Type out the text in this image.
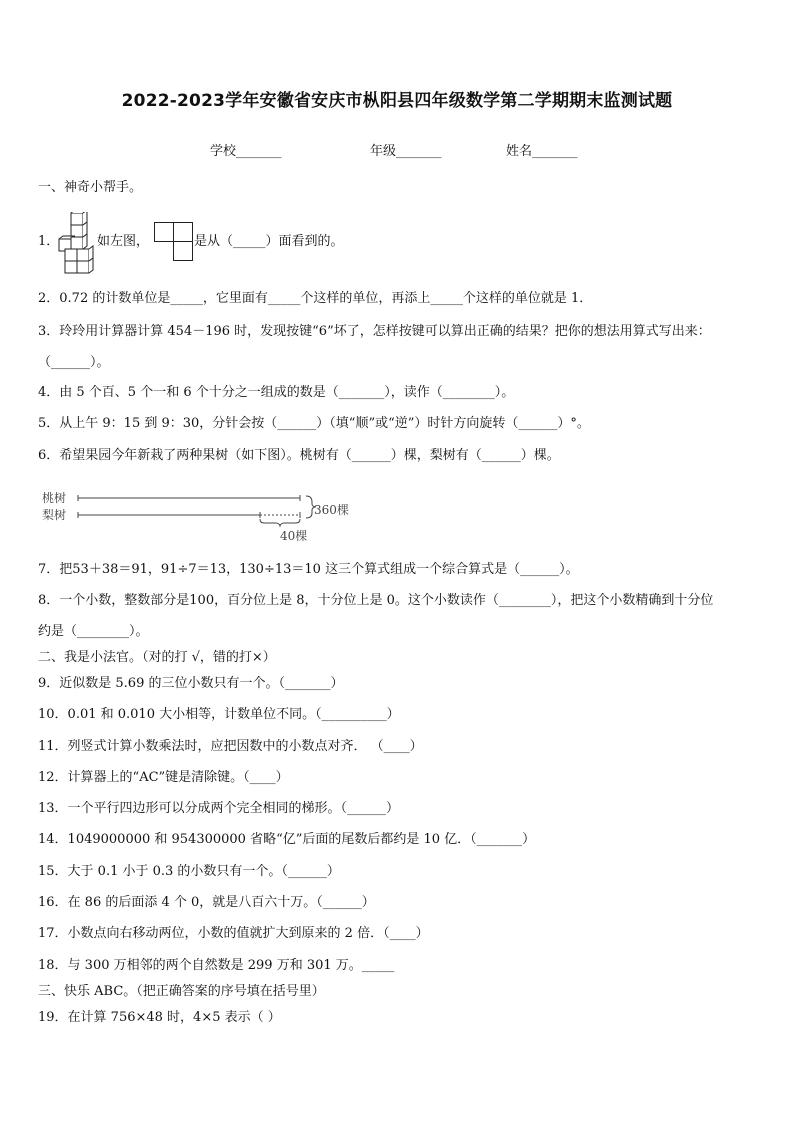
2022-2023学年安徽省安庆市枞阳县四年级数学第二学期期末监测试题
学校_______	年级_______	姓名_______
一、神奇小帮手。
1．	如左图，	是从（_____）面看到的。
2．0.72 的计数单位是_____，它里面有_____个这样的单位，再添上_____个这样的单位就是 1．
3．玲玲用计算器计算 454－196 时，发现按键“6”坏了，怎样按键可以算出正确的结果？把你的想法用算式写出来：
（______）。
4．由 5 个百、5 个一和 6 个十分之一组成的数是（_______），读作（________）。
5．从上午 9：15 到 9：30，分针会按（______）（填“顺”或“逆”）时针方向旋转（______）°。
6．希望果园今年新栽了两种果树（如下图）。桃树有（______）棵，梨树有（______）棵。
桃树
梨树	360棵
40棵
7．把53＋38＝91，91÷7＝13，130÷13＝10 这三个算式组成一个综合算式是（______）。
8．一个小数，整数部分是100，百分位上是 8，十分位上是 0。这个小数读作（________），把这个小数精确到十分位
约是（________）。
二、我是小法官。（对的打 √，错的打×）
9．近似数是 5.69 的三位小数只有一个。（_______）
10．0.01 和 0.010 大小相等，计数单位不同。（__________）
11．列竖式计算小数乘法时，应把因数中的小数点对齐． （____）
12．计算器上的“AC”键是清除键。（____）
13．一个平行四边形可以分成两个完全相同的梯形。（______）
14．1049000000 和 954300000 省略“亿”后面的尾数后都约是 10 亿．（_______）
15．大于 0.1 小于 0.3 的小数只有一个。（______）
16．在 86 的后面添 4 个 0，就是八百六十万。（______）
17．小数点向右移动两位，小数的值就扩大到原来的 2 倍．（____）
18．与 300 万相邻的两个自然数是 299 万和 301 万。_____
三、快乐 ABC。（把正确答案的序号填在括号里）
19．在计算 756×48 时，4×5 表示（ ）
